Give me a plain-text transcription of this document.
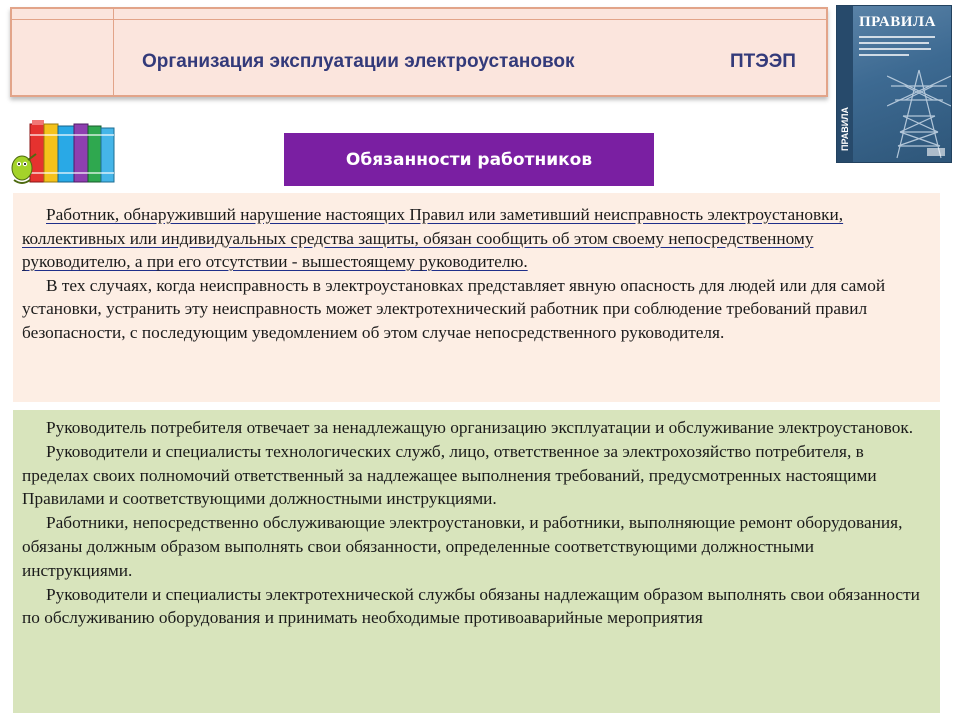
Организация эксплуатации электроустановок	ПТЭЭП
ПРАВИЛА
ПРАВИЛА
Обязанности работников

Работник, обнаруживший нарушение настоящих Правил или заметивший неисправность электроустановки, коллективных или индивидуальных средства защиты, обязан сообщить об этом своему непосредственному руководителю, а при его отсутствии - вышестоящему руководителю.

В тех случаях, когда неисправность в электроустановках представляет явную опасность для людей или для самой установки, устранить эту неисправность может электротехнический работник при соблюдение требований правил безопасности, с последующим уведомлением об этом случае непосредственного руководителя.

Руководитель потребителя отвечает за ненадлежащую организацию эксплуатации и обслуживание электроустановок.

Руководители и специалисты технологических служб, лицо, ответственное за электрохозяйство потребителя, в пределах своих полномочий ответственный за надлежащее выполнения требований, предусмотренных настоящими Правилами и соответствующими должностными инструкциями.

Работники, непосредственно обслуживающие электроустановки, и работники, выполняющие ремонт оборудования, обязаны должным образом выполнять свои обязанности, определенные соответствующими должностными инструкциями.

Руководители и специалисты электротехнической службы обязаны надлежащим образом выполнять свои обязанности по обслуживанию оборудования и принимать необходимые противоаварийные мероприятия
